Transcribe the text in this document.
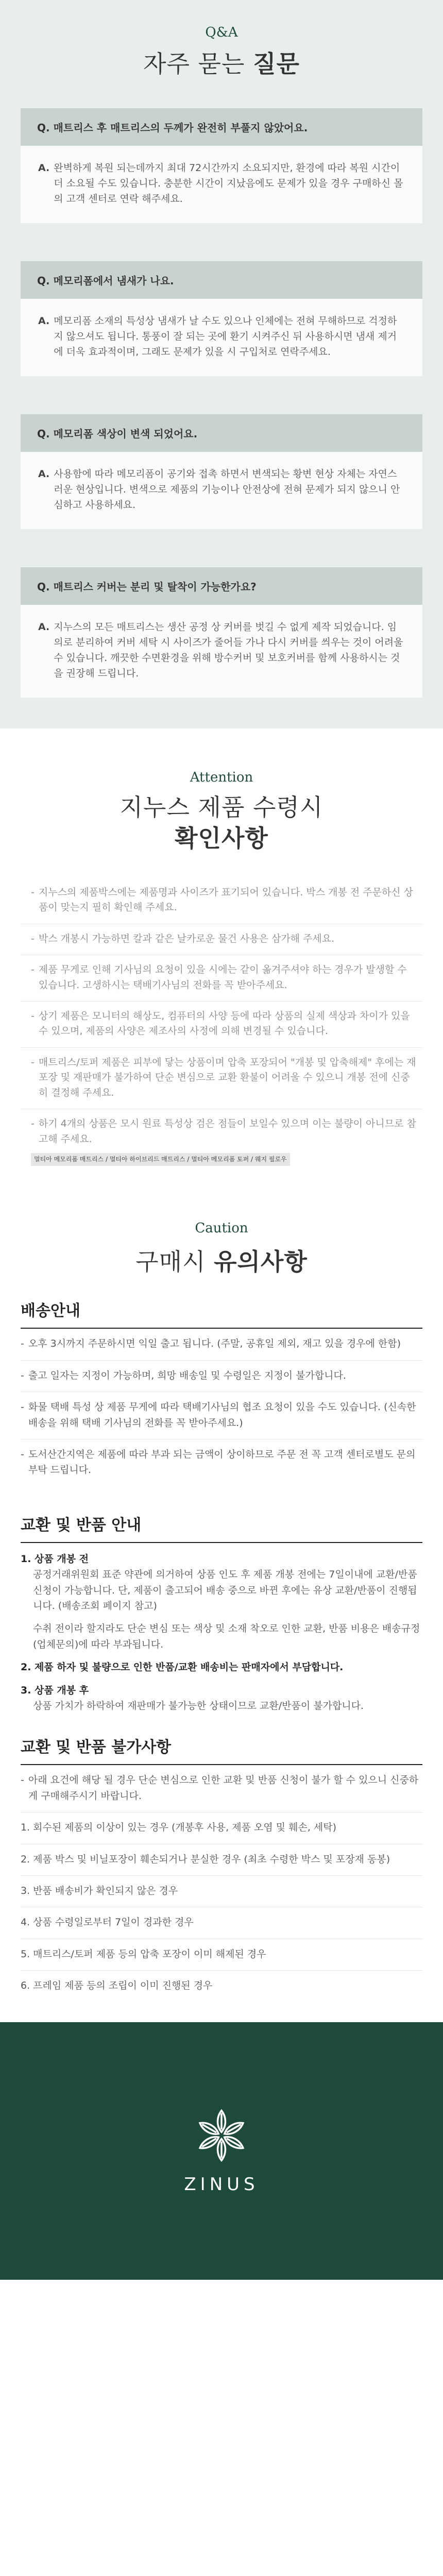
Q&A
자주 묻는 질문
Q. 매트리스 후 매트리스의 두께가 완전히 부풀지 않았어요.
A. 완벽하게 복원 되는데까지 최대 72시간까지 소요되지만, 환경에 따라 복원 시간이 더 소요될 수도 있습니다. 충분한 시간이 지났음에도 문제가 있을 경우 구매하신 몰의 고객 센터로 연락 해주세요.
Q. 메모리폼에서 냄새가 나요.
A. 메모리폼 소재의 특성상 냄새가 날 수도 있으나 인체에는 전혀 무해하므로 걱정하지 않으셔도 됩니다. 통풍이 잘 되는 곳에 환기 시켜주신 뒤 사용하시면 냄새 제거에 더욱 효과적이며, 그래도 문제가 있을 시 구입처로 연락주세요.
Q. 메모리폼 색상이 변색 되었어요.
A. 사용함에 따라 메모리폼이 공기와 접촉 하면서 변색되는 황변 현상 자체는 자연스러운 현상입니다. 변색으로 제품의 기능이나 안전상에 전혀 문제가 되지 않으니 안심하고 사용하세요.
Q. 매트리스 커버는 분리 및 탈착이 가능한가요?
A. 지누스의 모든 매트리스는 생산 공정 상 커버를 벗길 수 없게 제작 되었습니다. 임의로 분리하여 커버 세탁 시 사이즈가 줄어들 가나 다시 커버를 씌우는 것이 어려울 수 있습니다. 깨끗한 수면환경을 위해 방수커버 및 보호커버를 함께 사용하시는 것을 권장해 드립니다.
Attention
지누스 제품 수령시
확인사항
- 지누스의 제품박스에는 제품명과 사이즈가 표기되어 있습니다. 박스 개봉 전 주문하신 상품이 맞는지 필히 확인해 주세요.
- 박스 개봉시 가능하면 칼과 같은 날카로운 물건 사용은 삼가해 주세요.
- 제품 무게로 인해 기사님의 요청이 있을 시에는 같이 옮겨주셔야 하는 경우가 발생할 수 있습니다. 고생하시는 택배기사님의 전화를 꼭 받아주세요.
- 상기 제품은 모니터의 해상도, 컴퓨터의 사양 등에 따라 상품의 실제 색상과 차이가 있을 수 있으며, 제품의 사양은 제조사의 사정에 의해 변경될 수 있습니다.
- 매트리스/토퍼 제품은 피부에 닿는 상품이며 압축 포장되어 "개봉 및 압축해제" 후에는 재포장 및 재판매가 불가하여 단순 변심으로 교환 환불이 어려울 수 있으니 개봉 전에 신중히 결정해 주세요.
- 하기 4개의 상품은 모시 원료 특성상 검은 점들이 보일수 있으며 이는 불량이 아니므로 참고해 주세요.
멀티아 메모리폼 매트리스 / 멀티아 하이브리드 매트리스 / 멀티아 메모리폼 토퍼 / 웨지 필로우
Caution
구매시 유의사항
배송안내
- 오후 3시까지 주문하시면 익일 출고 됩니다. (주말, 공휴일 제외, 재고 있을 경우에 한함)
- 출고 일자는 지정이 가능하며, 희망 배송일 및 수령일은 지정이 불가합니다.
- 화물 택배 특성 상 제품 무게에 따라 택배기사님의 협조 요청이 있을 수도 있습니다. (신속한 배송을 위해 택배 기사님의 전화를 꼭 받아주세요.)
- 도서산간지역은 제품에 따라 부과 되는 금액이 상이하므로 주문 전 꼭 고객 센터로별도 문의 부탁 드립니다.
교환 및 반품 안내
1. 상품 개봉 전
공정거래위원회 표준 약관에 의거하여 상품 인도 후 제품 개봉 전에는 7일이내에 교환/반품 신청이 가능합니다. 단, 제품이 출고되어 배송 중으로 바뀐 후에는 유상 교환/반품이 진행됩니다. (배송조회 페이지 참고)
수취 전이라 할지라도 단순 변심 또는 색상 및 소재 착오로 인한 교환, 반품 비용은 배송규정(업체문의)에 따라 부과됩니다.
2. 제품 하자 및 불량으로 인한 반품/교환 배송비는 판매자에서 부담합니다.
3. 상품 개봉 후
상품 가치가 하락하여 재판매가 불가능한 상태이므로 교환/반품이 불가합니다.
교환 및 반품 불가사항
- 아래 요건에 해당 될 경우 단순 변심으로 인한 교환 및 반품 신청이 불가 할 수 있으니 신중하게 구매해주시기 바랍니다.
1. 회수된 제품의 이상이 있는 경우 (개봉후 사용, 제품 오염 및 훼손, 세탁)
2. 제품 박스 및 비닐포장이 훼손되거나 분실한 경우 (최초 수령한 박스 및 포장재 동봉)
3. 반품 배송비가 확인되지 않은 경우
4. 상품 수령일로부터 7일이 경과한 경우
5. 매트리스/토퍼 제품 등의 압축 포장이 이미 해제된 경우
6. 프레임 제품 등의 조립이 이미 진행된 경우
ZINUS
